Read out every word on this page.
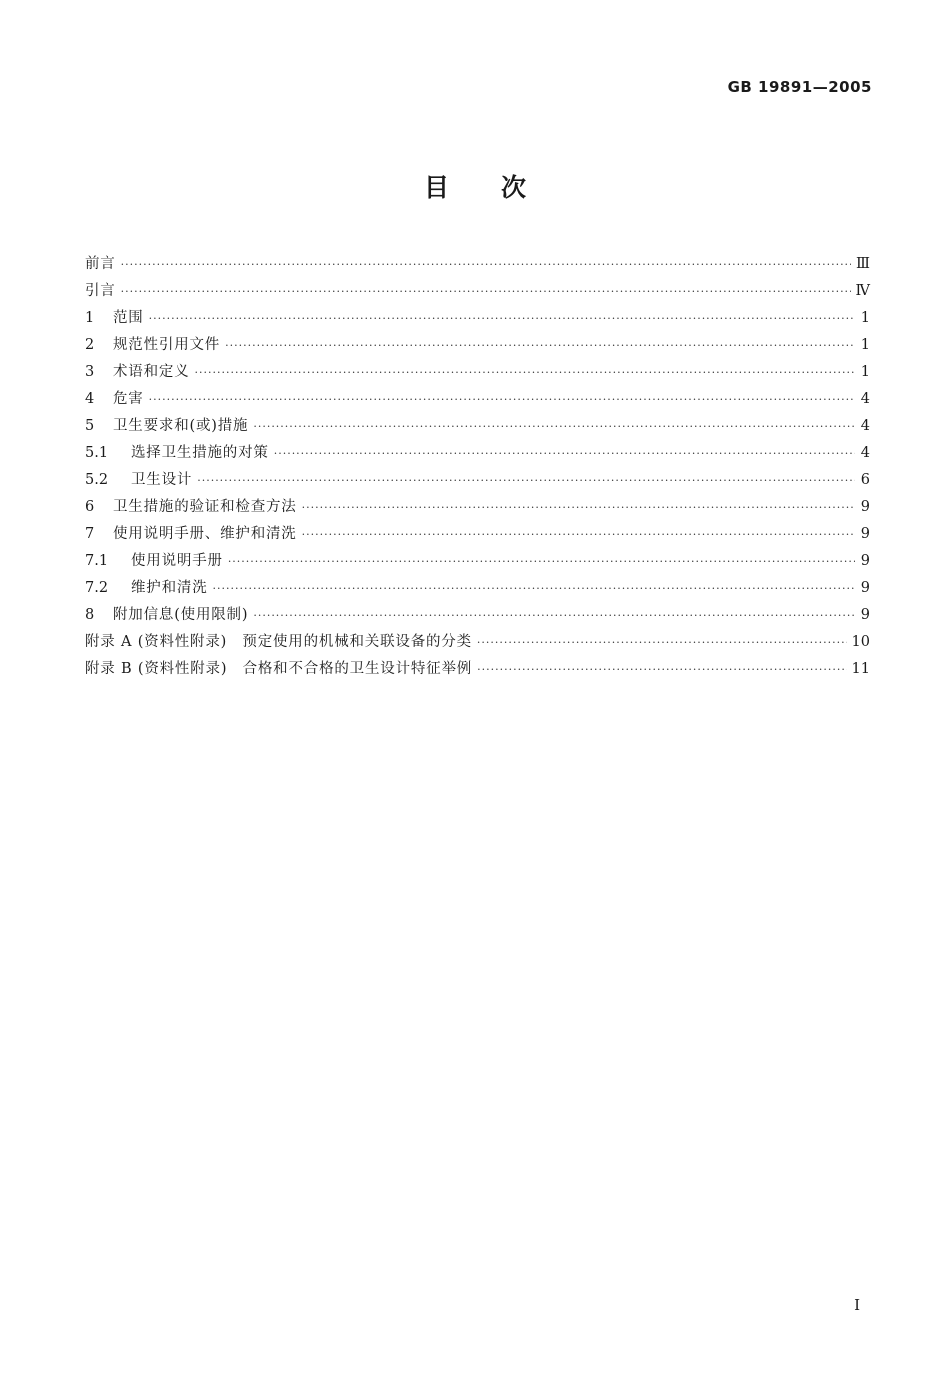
GB 19891—2005
目次
前言 ·····	Ⅲ
引言 ·····	Ⅳ
1	范围 ·····	1
2	规范性引用文件 ·····	1
3	术语和定义 ·····	1
4	危害 ·····	4
5	卫生要求和(或)措施 ·····	4
5.1	选择卫生措施的对策 ·····	4
5.2	卫生设计 ·····	6
6	卫生措施的验证和检查方法 ·····	9
7	使用说明手册、维护和清洗 ·····	9
7.1	使用说明手册 ·····	9
7.2	维护和清洗 ·····	9
8	附加信息(使用限制) ·····	9
附录 A (资料性附录)　预定使用的机械和关联设备的分类 ·····	10
附录 B (资料性附录)　合格和不合格的卫生设计特征举例 ·····	11
I
